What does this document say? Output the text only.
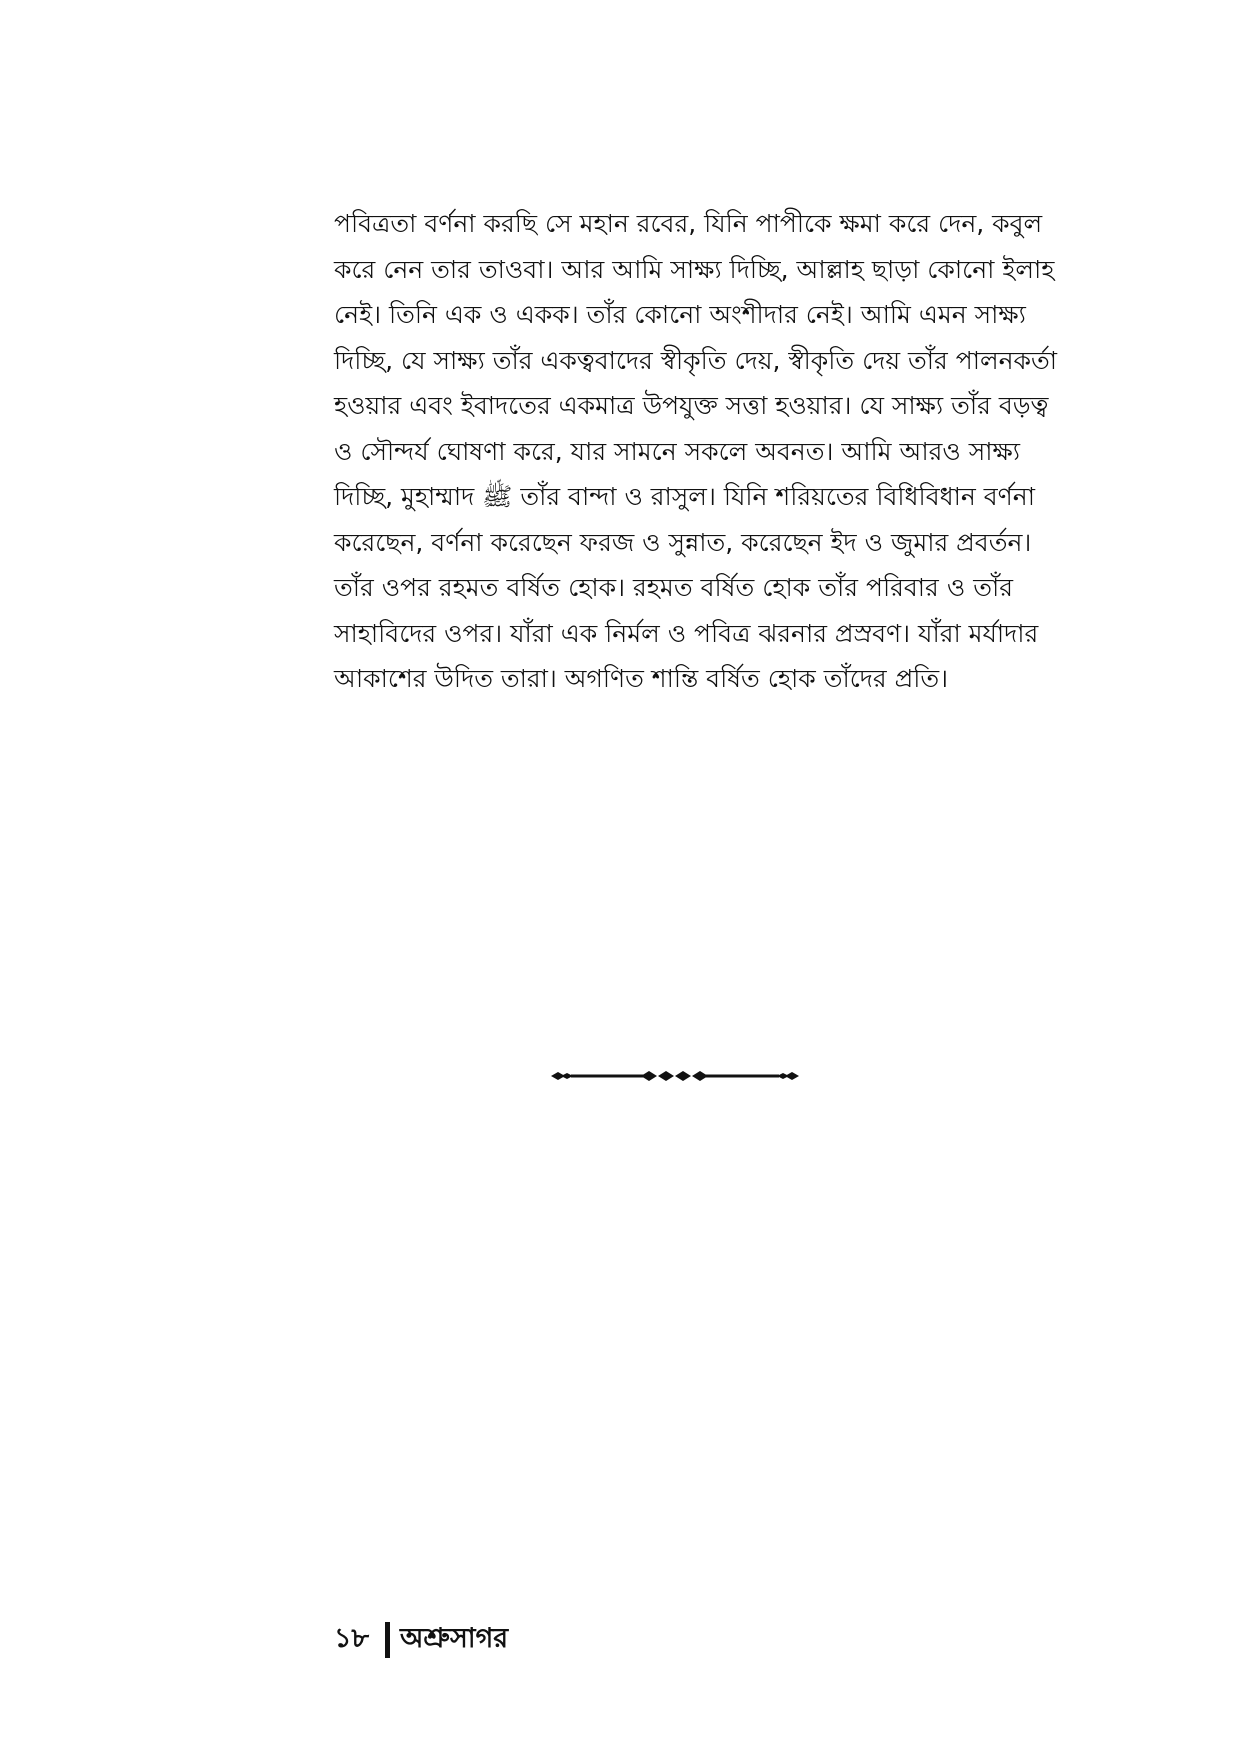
পবিত্রতা বর্ণনা করছি সে মহান রবের, যিনি পাপীকে ক্ষমা করে দেন, কবুল
করে নেন তার তাওবা। আর আমি সাক্ষ্য দিচ্ছি, আল্লাহ ছাড়া কোনো ইলাহ
নেই। তিনি এক ও একক। তাঁর কোনো অংশীদার নেই। আমি এমন সাক্ষ্য
দিচ্ছি, যে সাক্ষ্য তাঁর একত্ববাদের স্বীকৃতি দেয়, স্বীকৃতি দেয় তাঁর পালনকর্তা
হওয়ার এবং ইবাদতের একমাত্র উপযুক্ত সত্তা হওয়ার। যে সাক্ষ্য তাঁর বড়ত্ব
ও সৌন্দর্য ঘোষণা করে, যার সামনে সকলে অবনত। আমি আরও সাক্ষ্য
দিচ্ছি, মুহাম্মাদ ﷺ তাঁর বান্দা ও রাসুল। যিনি শরিয়তের বিধিবিধান বর্ণনা
করেছেন, বর্ণনা করেছেন ফরজ ও সুন্নাত, করেছেন ইদ ও জুমার প্রবর্তন।
তাঁর ওপর রহমত বর্ষিত হোক। রহমত বর্ষিত হোক তাঁর পরিবার ও তাঁর
সাহাবিদের ওপর। যাঁরা এক নির্মল ও পবিত্র ঝরনার প্রস্রবণ। যাঁরা মর্যাদার
আকাশের উদিত তারা। অগণিত শান্তি বর্ষিত হোক তাঁদের প্রতি।
১৮ অশ্রুসাগর
